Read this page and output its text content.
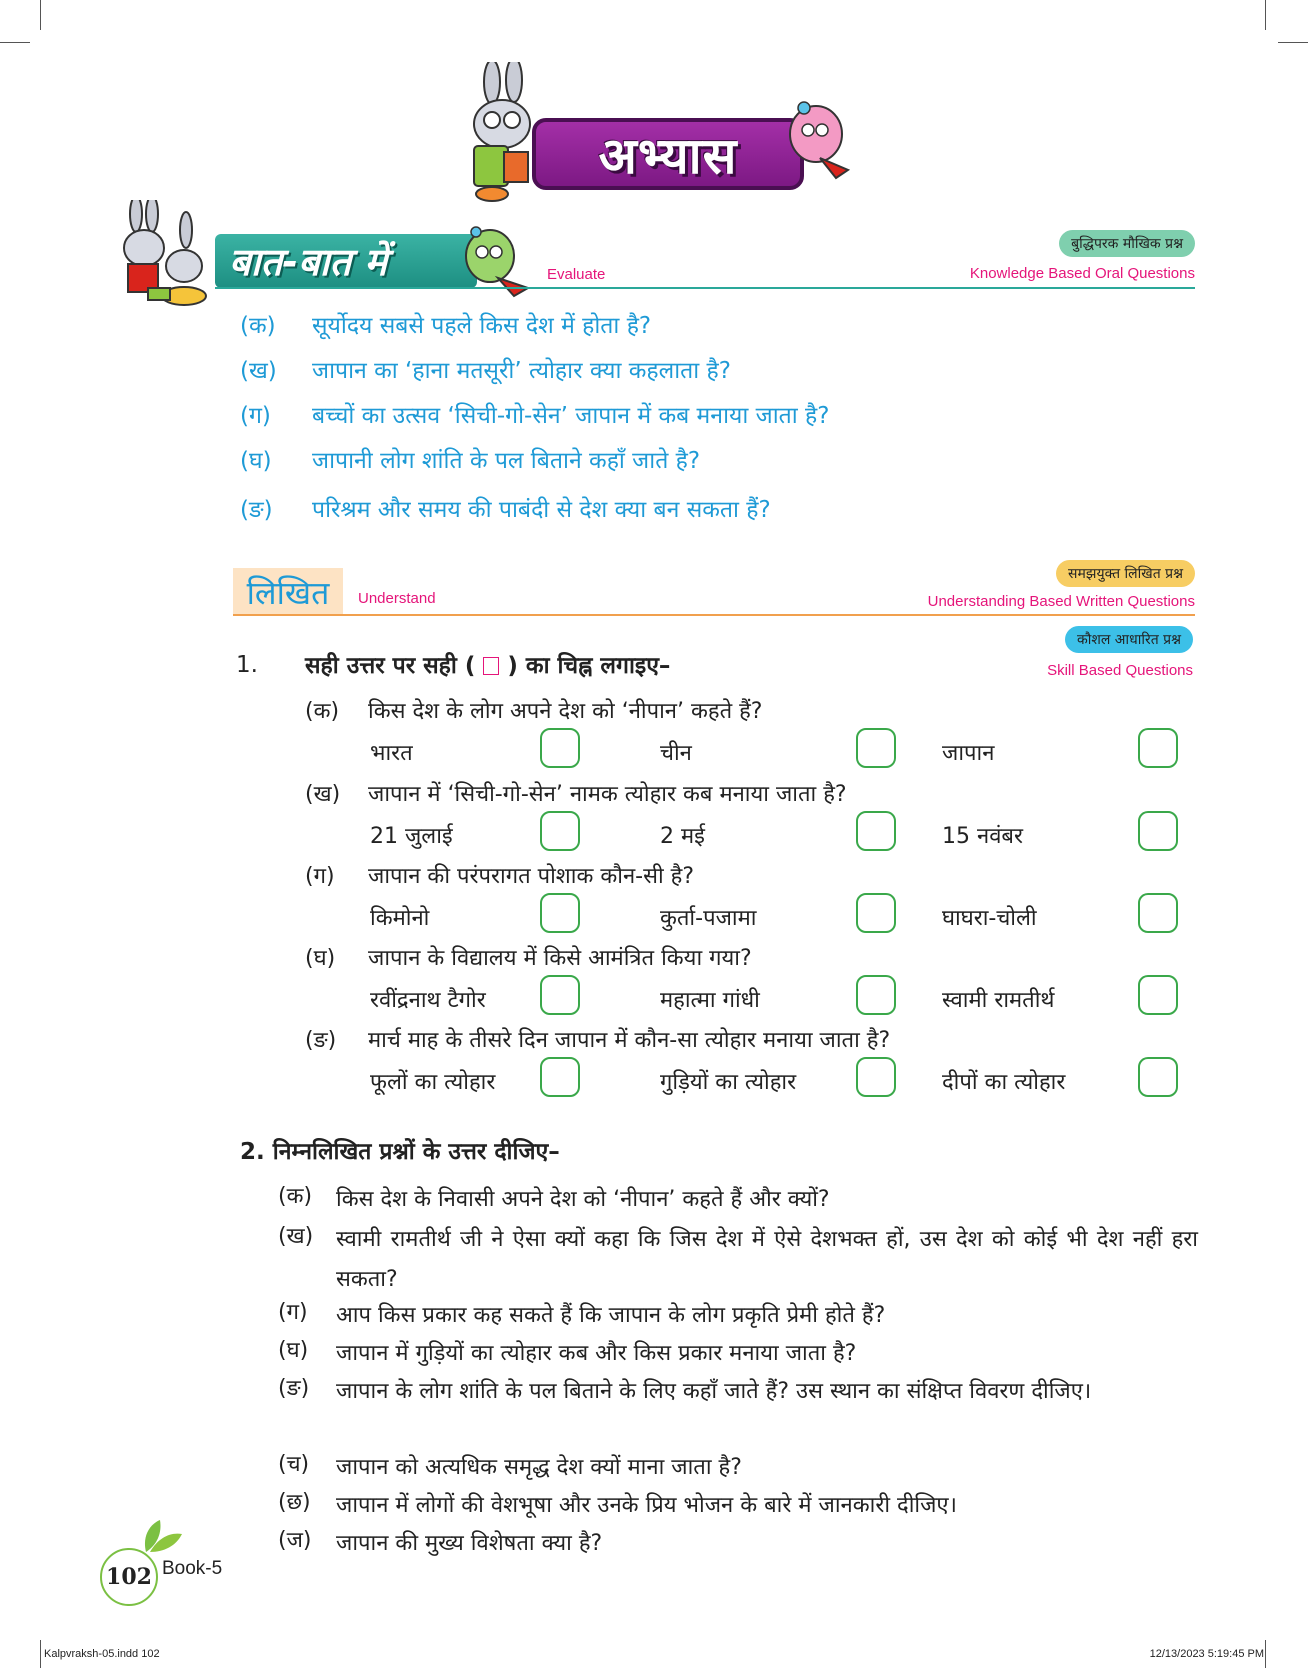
अभ्यास
बात-बात में	Evaluate
बुद्धिपरक मौखिक प्रश्न
Knowledge Based Oral Questions
(क)	सूर्योदय सबसे पहले किस देश में होता है?
(ख)	जापान का ‘हाना मतसूरी’ त्योहार क्या कहलाता है?
(ग)	बच्चों का उत्सव ‘सिची-गो-सेन’ जापान में कब मनाया जाता है?
(घ)	जापानी लोग शांति के पल बिताने कहाँ जाते है?
(ङ)	परिश्रम और समय की पाबंदी से देश क्या बन सकता हैं?
लिखित Understand
समझयुक्त लिखित प्रश्न
Understanding Based Written Questions
कौशल आधारित प्रश्न
Skill Based Questions
1. सही उत्तर पर सही ( ) का चिह्न लगाइए–
(क)	किस देश के लोग अपने देश को ‘नीपान’ कहते हैं?
भारत	चीन	जापान
(ख)	जापान में ‘सिची-गो-सेन’ नामक त्योहार कब मनाया जाता है?
21 जुलाई	2 मई	15 नवंबर
(ग)	जापान की परंपरागत पोशाक कौन-सी है?
किमोनो	कुर्ता-पजामा	घाघरा-चोली
(घ)	जापान के विद्यालय में किसे आमंत्रित किया गया?
रवींद्रनाथ टैगोर	महात्मा गांधी	स्वामी रामतीर्थ
(ङ)	मार्च माह के तीसरे दिन जापान में कौन-सा त्योहार मनाया जाता है?
फूलों का त्योहार	गुड़ियों का त्योहार	दीपों का त्योहार
2. निम्नलिखित प्रश्नों के उत्तर दीजिए–
(क)	किस देश के निवासी अपने देश को ‘नीपान’ कहते हैं और क्यों?
(ख)	स्वामी रामतीर्थ जी ने ऐसा क्यों कहा कि जिस देश में ऐसे देशभक्त हों, उस देश को कोई भी देश नहीं हरा सकता?
(ग)	आप किस प्रकार कह सकते हैं कि जापान के लोग प्रकृति प्रेमी होते हैं?
(घ)	जापान में गुड़ियों का त्योहार कब और किस प्रकार मनाया जाता है?
(ङ)	जापान के लोग शांति के पल बिताने के लिए कहाँ जाते हैं? उस स्थान का संक्षिप्त विवरण दीजिए।
(च)	जापान को अत्यधिक समृद्ध देश क्यों माना जाता है?
(छ)	जापान में लोगों की वेशभूषा और उनके प्रिय भोजन के बारे में जानकारी दीजिए।
(ज)	जापान की मुख्य विशेषता क्या है?
102 Book-5
Kalpvraksh-05.indd 102	12/13/2023 5:19:45 PM
